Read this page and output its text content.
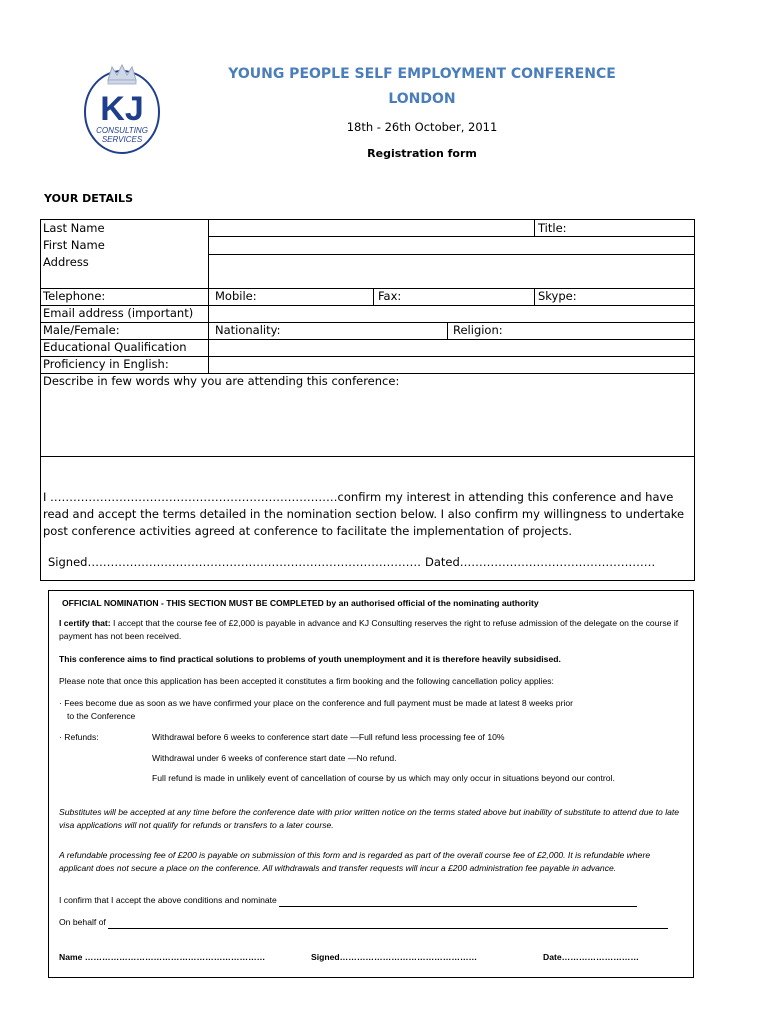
KJ
CONSULTING
SERVICES
YOUNG PEOPLE SELF EMPLOYMENT CONFERENCE
LONDON
18th - 26th October, 2011
Registration form
YOUR DETAILS
Last Name	Title:
First Name
Address
Telephone:	Mobile:	Fax:	Skype:
Email address (important)
Male/Female:	Nationality:	Religion:
Educational Qualification
Proficiency in English:
Describe in few words why you are attending this conference:
I …………………………………………………………………confirm my interest in attending this conference and have read and accept the terms detailed in the nomination section below. I also confirm my willingness to undertake post conference activities agreed at conference to facilitate the implementation of projects.
Signed…………………………………………………………………………… Dated……………………………………………
OFFICIAL NOMINATION - THIS SECTION MUST BE COMPLETED by an authorised official of the nominating authority
I certify that: I accept that the course fee of £2,000 is payable in advance and KJ Consulting reserves the right to refuse admission of the delegate on the course if payment has not been received.
This conference aims to find practical solutions to problems of youth unemployment and it is therefore heavily subsidised.
Please note that once this application has been accepted it constitutes a firm booking and the following cancellation policy applies:
· Fees become due as soon as we have confirmed your place on the conference and full payment must be made at latest 8 weeks prior
to the Conference
· Refunds:	Withdrawal before 6 weeks to conference start date —Full refund less processing fee of 10%
Withdrawal under 6 weeks of conference start date —No refund.
Full refund is made in unlikely event of cancellation of course by us which may only occur in situations beyond our control.
Substitutes will be accepted at any time before the conference date with prior written notice on the terms stated above but inability of substitute to attend due to late visa applications will not qualify for refunds or transfers to a later course.
A refundable processing fee of £200 is payable on submission of this form and is regarded as part of the overall course fee of £2,000. It is refundable where applicant does not secure a place on the conference. All withdrawals and transfer requests will incur a £200 administration fee payable in advance.
I confirm that I accept the above conditions and nominate
On behalf of
Name ………………………………………………………	Signed…………………………………………	Date………………………
